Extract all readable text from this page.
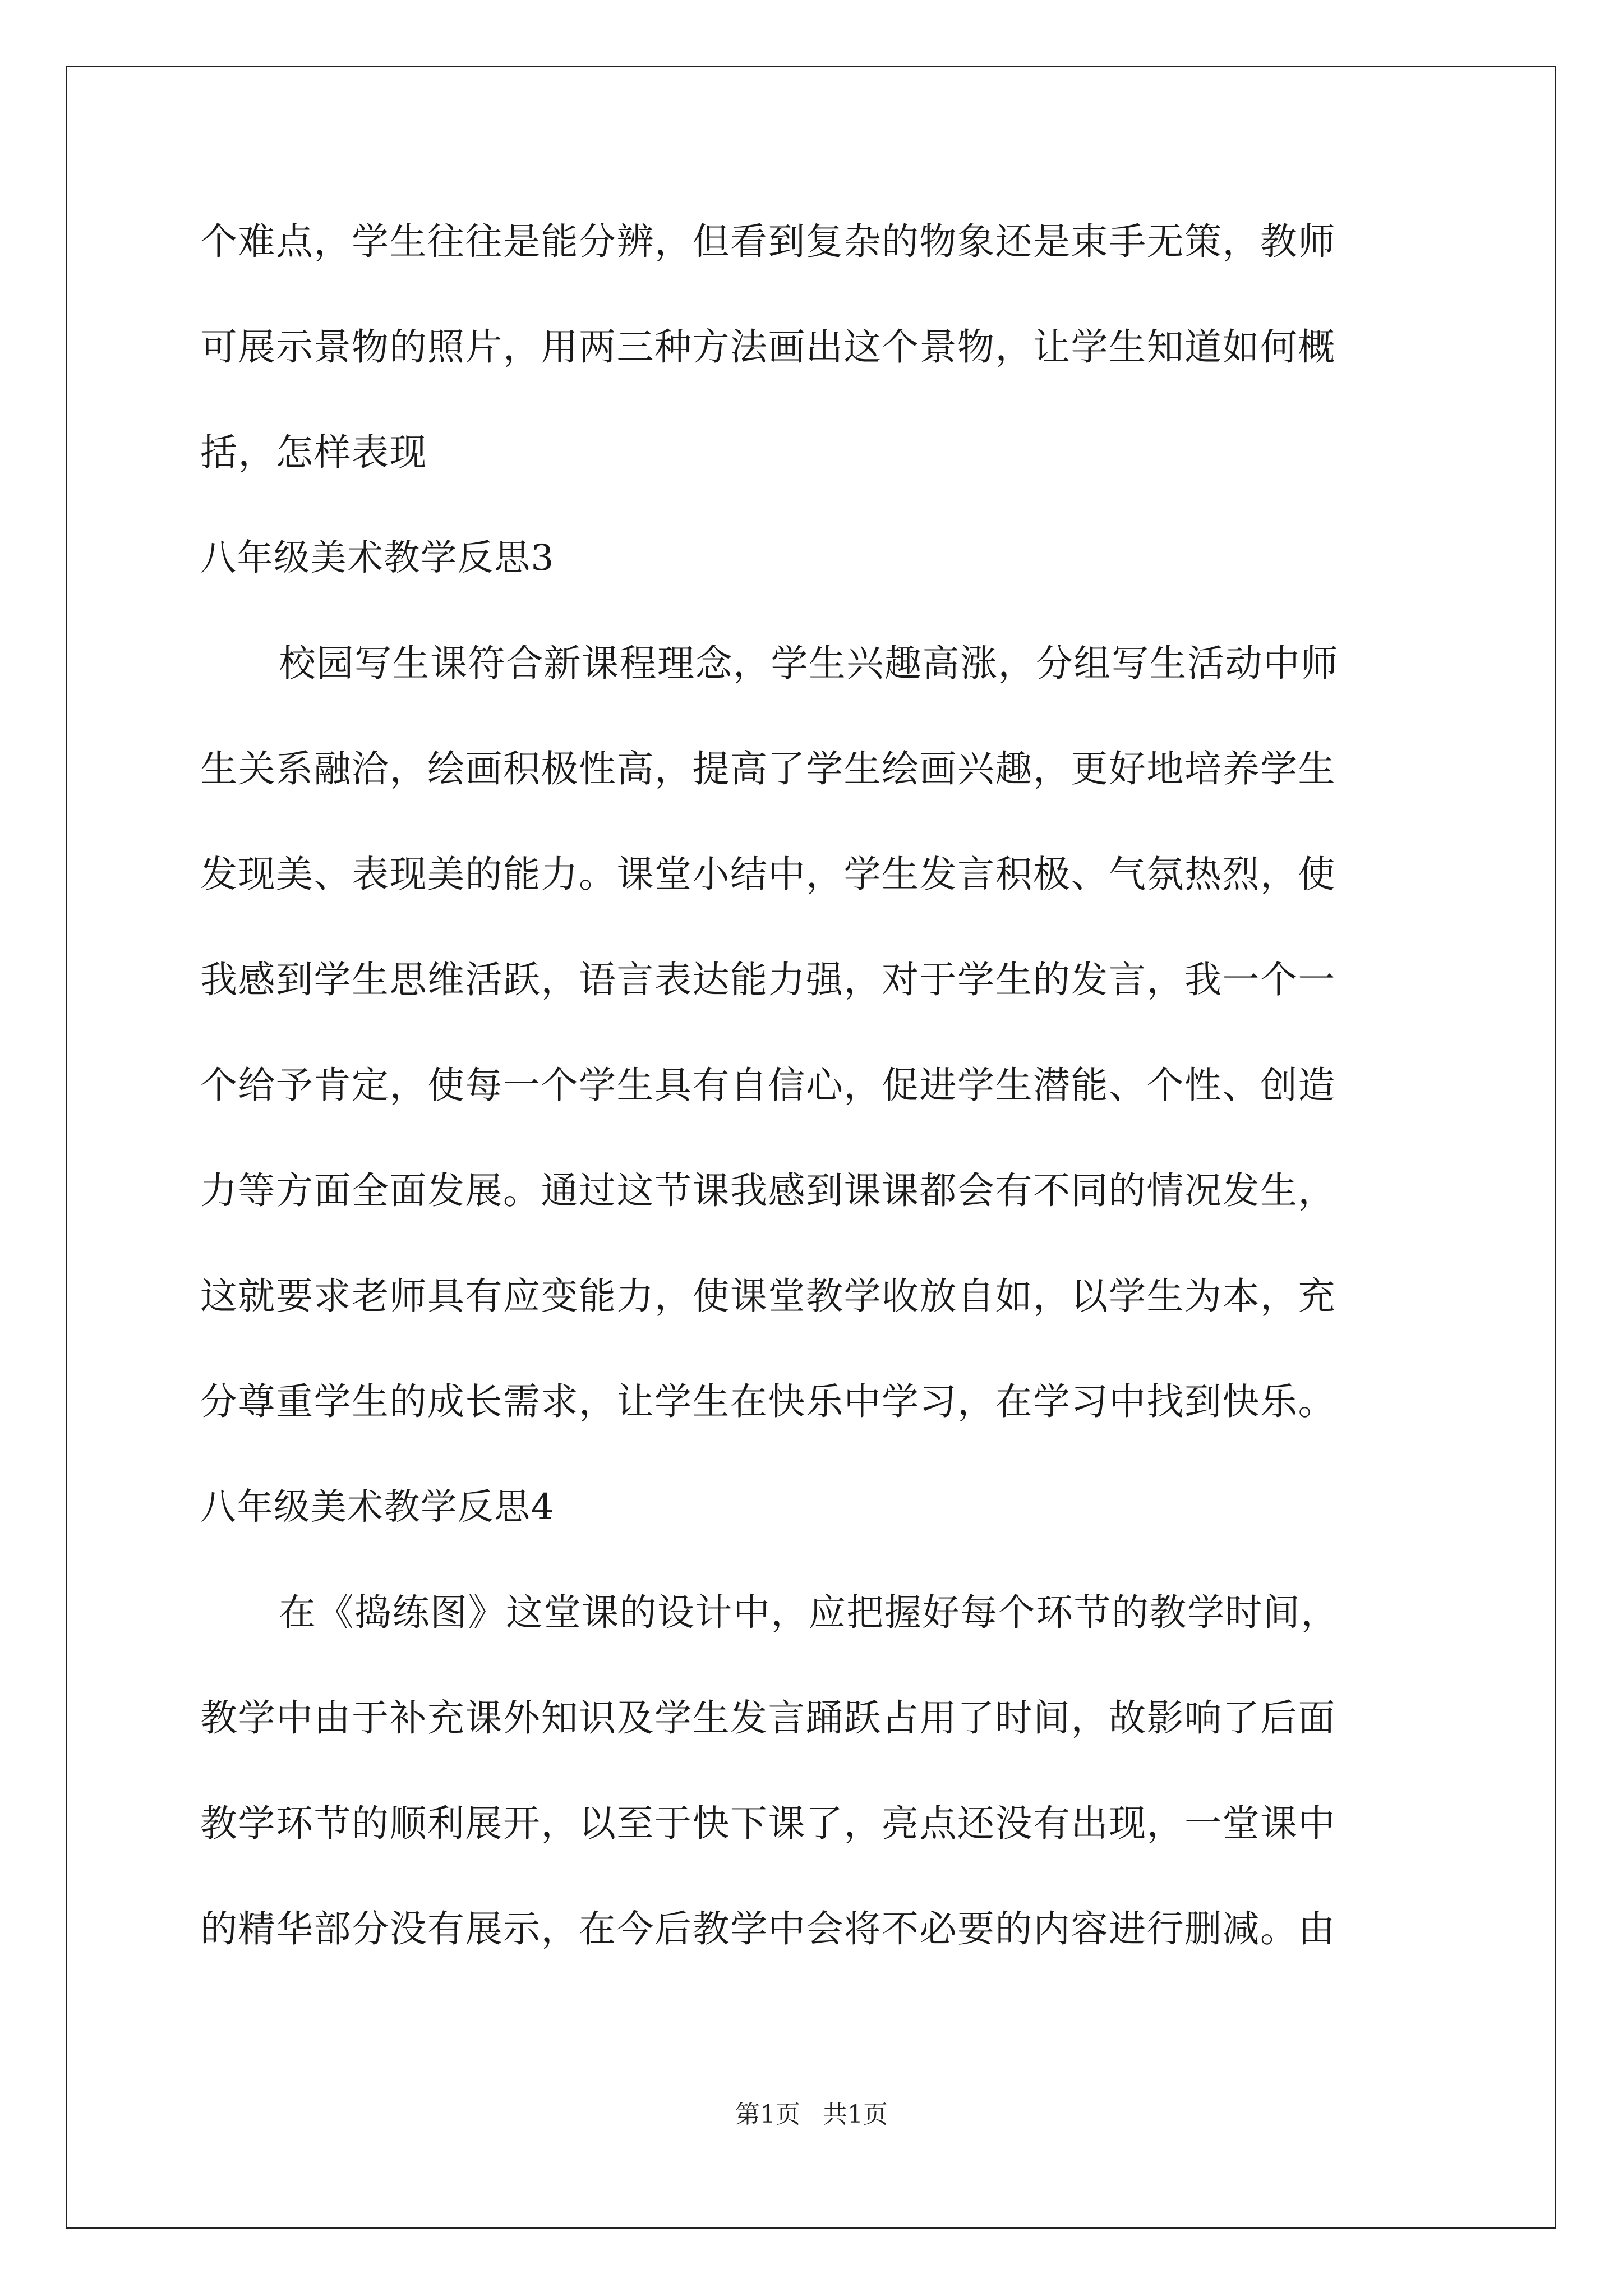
个难点，学生往往是能分辨，但看到复杂的物象还是束手无策，教师

可展示景物的照片，用两三种方法画出这个景物，让学生知道如何概

括，怎样表现

八年级美术教学反思3

校园写生课符合新课程理念，学生兴趣高涨，分组写生活动中师

生关系融洽，绘画积极性高，提高了学生绘画兴趣，更好地培养学生

发现美、表现美的能力。课堂小结中，学生发言积极、气氛热烈，使

我感到学生思维活跃，语言表达能力强，对于学生的发言，我一个一

个给予肯定，使每一个学生具有自信心，促进学生潜能、个性、创造

力等方面全面发展。通过这节课我感到课课都会有不同的情况发生，

这就要求老师具有应变能力，使课堂教学收放自如，以学生为本，充

分尊重学生的成长需求，让学生在快乐中学习，在学习中找到快乐。

八年级美术教学反思4

在《捣练图》这堂课的设计中，应把握好每个环节的教学时间，

教学中由于补充课外知识及学生发言踊跃占用了时间，故影响了后面

教学环节的顺利展开，以至于快下课了，亮点还没有出现，一堂课中

的精华部分没有展示，在今后教学中会将不必要的内容进行删减。由

第1页 共1页
